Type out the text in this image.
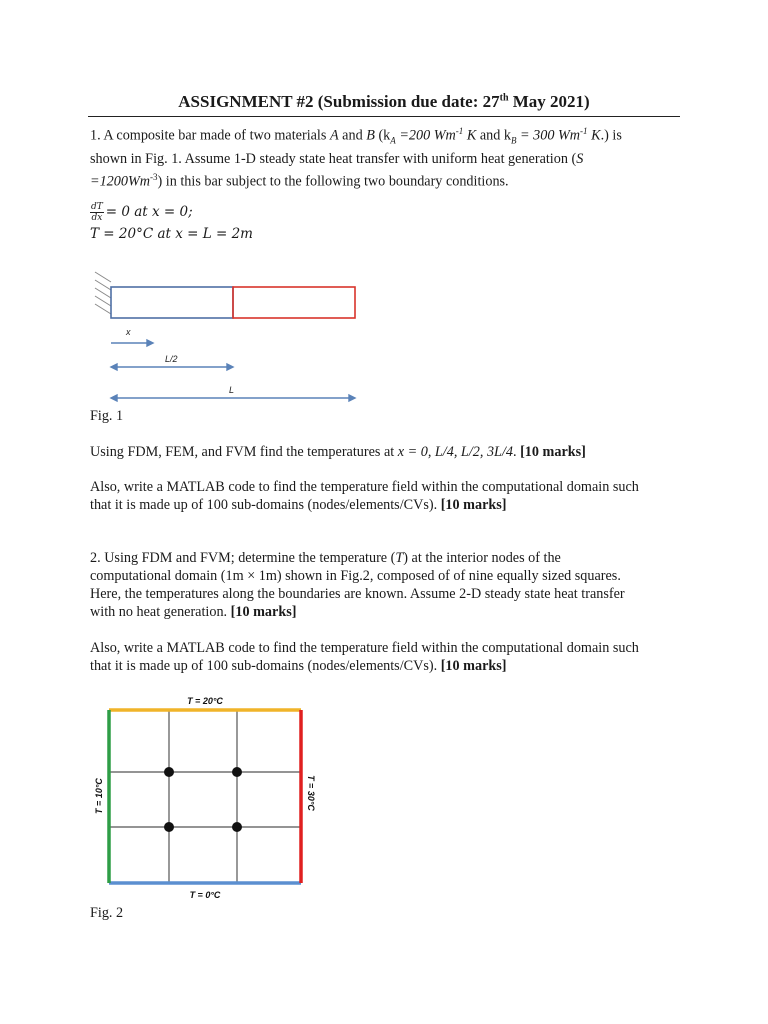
ASSIGNMENT #2 (Submission due date: 27th May 2021)
1. A composite bar made of two materials A and B ($k_A =200$ $Wm^{-1}$ K and $k_B = 300$ $Wm^{-1}$ K.) is
shown in Fig. 1. Assume 1-D steady state heat transfer with uniform heat generation (S
$=1200Wm^{-3}$) in this bar subject to the following two boundary conditions.
$\frac{dT}{dx} = 0$ at x = 0;
T = 20°C at x = L = 2m
x
L/2
L
Fig. 1
Using FDM, FEM, and FVM find the temperatures at x = 0, L/4, L/2, 3L/4. [10 marks]
Also, write a MATLAB code to find the temperature field within the computational domain such
that it is made up of 100 sub-domains (nodes/elements/CVs). [10 marks]
2. Using FDM and FVM; determine the temperature (T) at the interior nodes of the
computational domain (1m × 1m) shown in Fig.2, composed of of nine equally sized squares.
Here, the temperatures along the boundaries are known. Assume 2-D steady state heat transfer
with no heat generation. [10 marks]
Also, write a MATLAB code to find the temperature field within the computational domain such
that it is made up of 100 sub-domains (nodes/elements/CVs). [10 marks]
T = 20°C
T = 0°C
T = 10°C	T = 30°C
Fig. 2
